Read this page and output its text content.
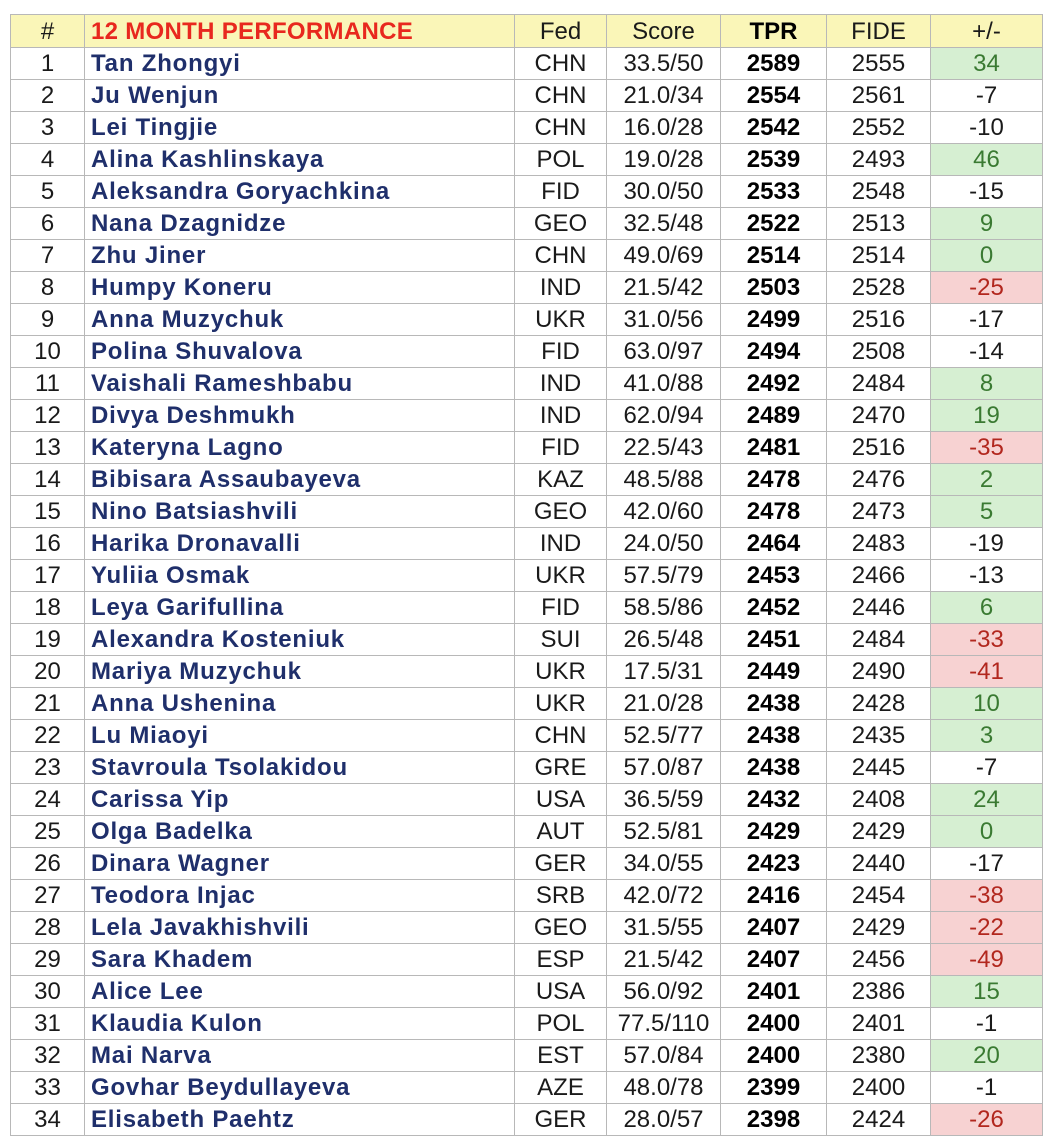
#	12 MONTH PERFORMANCE	Fed	Score	TPR	FIDE	+/-
1	Tan Zhongyi	CHN	33.5/50	2589	2555	34
2	Ju Wenjun	CHN	21.0/34	2554	2561	-7
3	Lei Tingjie	CHN	16.0/28	2542	2552	-10
4	Alina Kashlinskaya	POL	19.0/28	2539	2493	46
5	Aleksandra Goryachkina	FID	30.0/50	2533	2548	-15
6	Nana Dzagnidze	GEO	32.5/48	2522	2513	9
7	Zhu Jiner	CHN	49.0/69	2514	2514	0
8	Humpy Koneru	IND	21.5/42	2503	2528	-25
9	Anna Muzychuk	UKR	31.0/56	2499	2516	-17
10	Polina Shuvalova	FID	63.0/97	2494	2508	-14
11	Vaishali Rameshbabu	IND	41.0/88	2492	2484	8
12	Divya Deshmukh	IND	62.0/94	2489	2470	19
13	Kateryna Lagno	FID	22.5/43	2481	2516	-35
14	Bibisara Assaubayeva	KAZ	48.5/88	2478	2476	2
15	Nino Batsiashvili	GEO	42.0/60	2478	2473	5
16	Harika Dronavalli	IND	24.0/50	2464	2483	-19
17	Yuliia Osmak	UKR	57.5/79	2453	2466	-13
18	Leya Garifullina	FID	58.5/86	2452	2446	6
19	Alexandra Kosteniuk	SUI	26.5/48	2451	2484	-33
20	Mariya Muzychuk	UKR	17.5/31	2449	2490	-41
21	Anna Ushenina	UKR	21.0/28	2438	2428	10
22	Lu Miaoyi	CHN	52.5/77	2438	2435	3
23	Stavroula Tsolakidou	GRE	57.0/87	2438	2445	-7
24	Carissa Yip	USA	36.5/59	2432	2408	24
25	Olga Badelka	AUT	52.5/81	2429	2429	0
26	Dinara Wagner	GER	34.0/55	2423	2440	-17
27	Teodora Injac	SRB	42.0/72	2416	2454	-38
28	Lela Javakhishvili	GEO	31.5/55	2407	2429	-22
29	Sara Khadem	ESP	21.5/42	2407	2456	-49
30	Alice Lee	USA	56.0/92	2401	2386	15
31	Klaudia Kulon	POL	77.5/110	2400	2401	-1
32	Mai Narva	EST	57.0/84	2400	2380	20
33	Govhar Beydullayeva	AZE	48.0/78	2399	2400	-1
34	Elisabeth Paehtz	GER	28.0/57	2398	2424	-26
